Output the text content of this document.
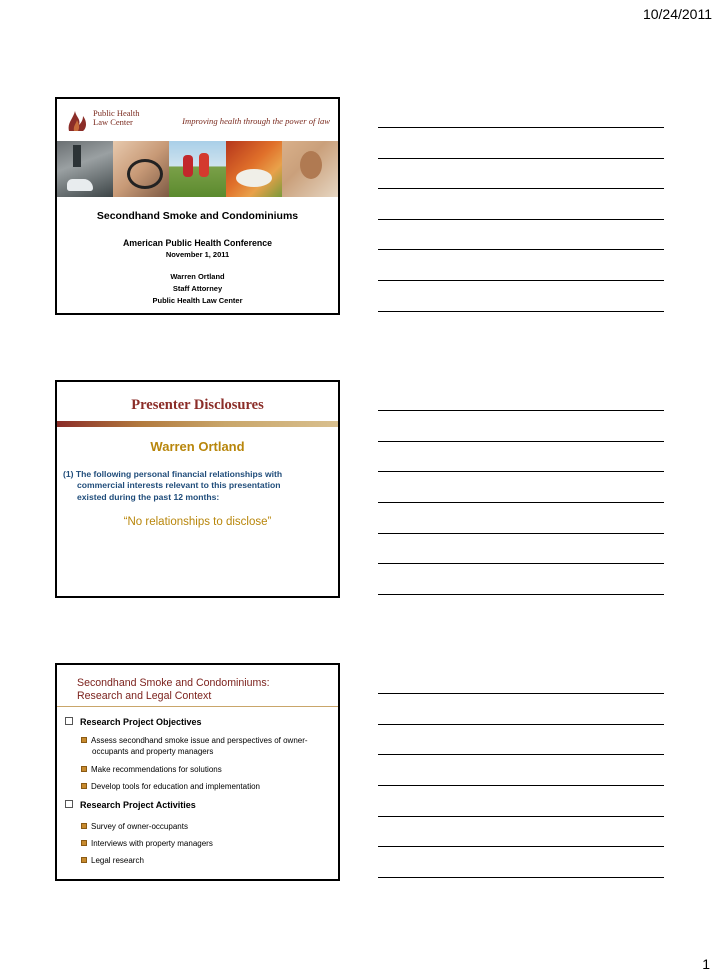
10/24/2011
Public Health
Law Center	Improving health through the power of law
Secondhand Smoke and Condominiums
American Public Health Conference
November 1, 2011
Warren Ortland
Staff Attorney
Public Health Law Center
Presenter Disclosures
Warren Ortland
(1) The following personal financial relationships with
commercial interests relevant to this presentation
existed during the past 12 months:
“No relationships to disclose”
Secondhand Smoke and Condominiums:
Research and Legal Context
Research Project Objectives
Assess secondhand smoke issue and perspectives of owner-
occupants and property managers
Make recommendations for solutions
Develop tools for education and implementation
Research Project Activities
Survey of owner-occupants
Interviews with property managers
Legal research
1
